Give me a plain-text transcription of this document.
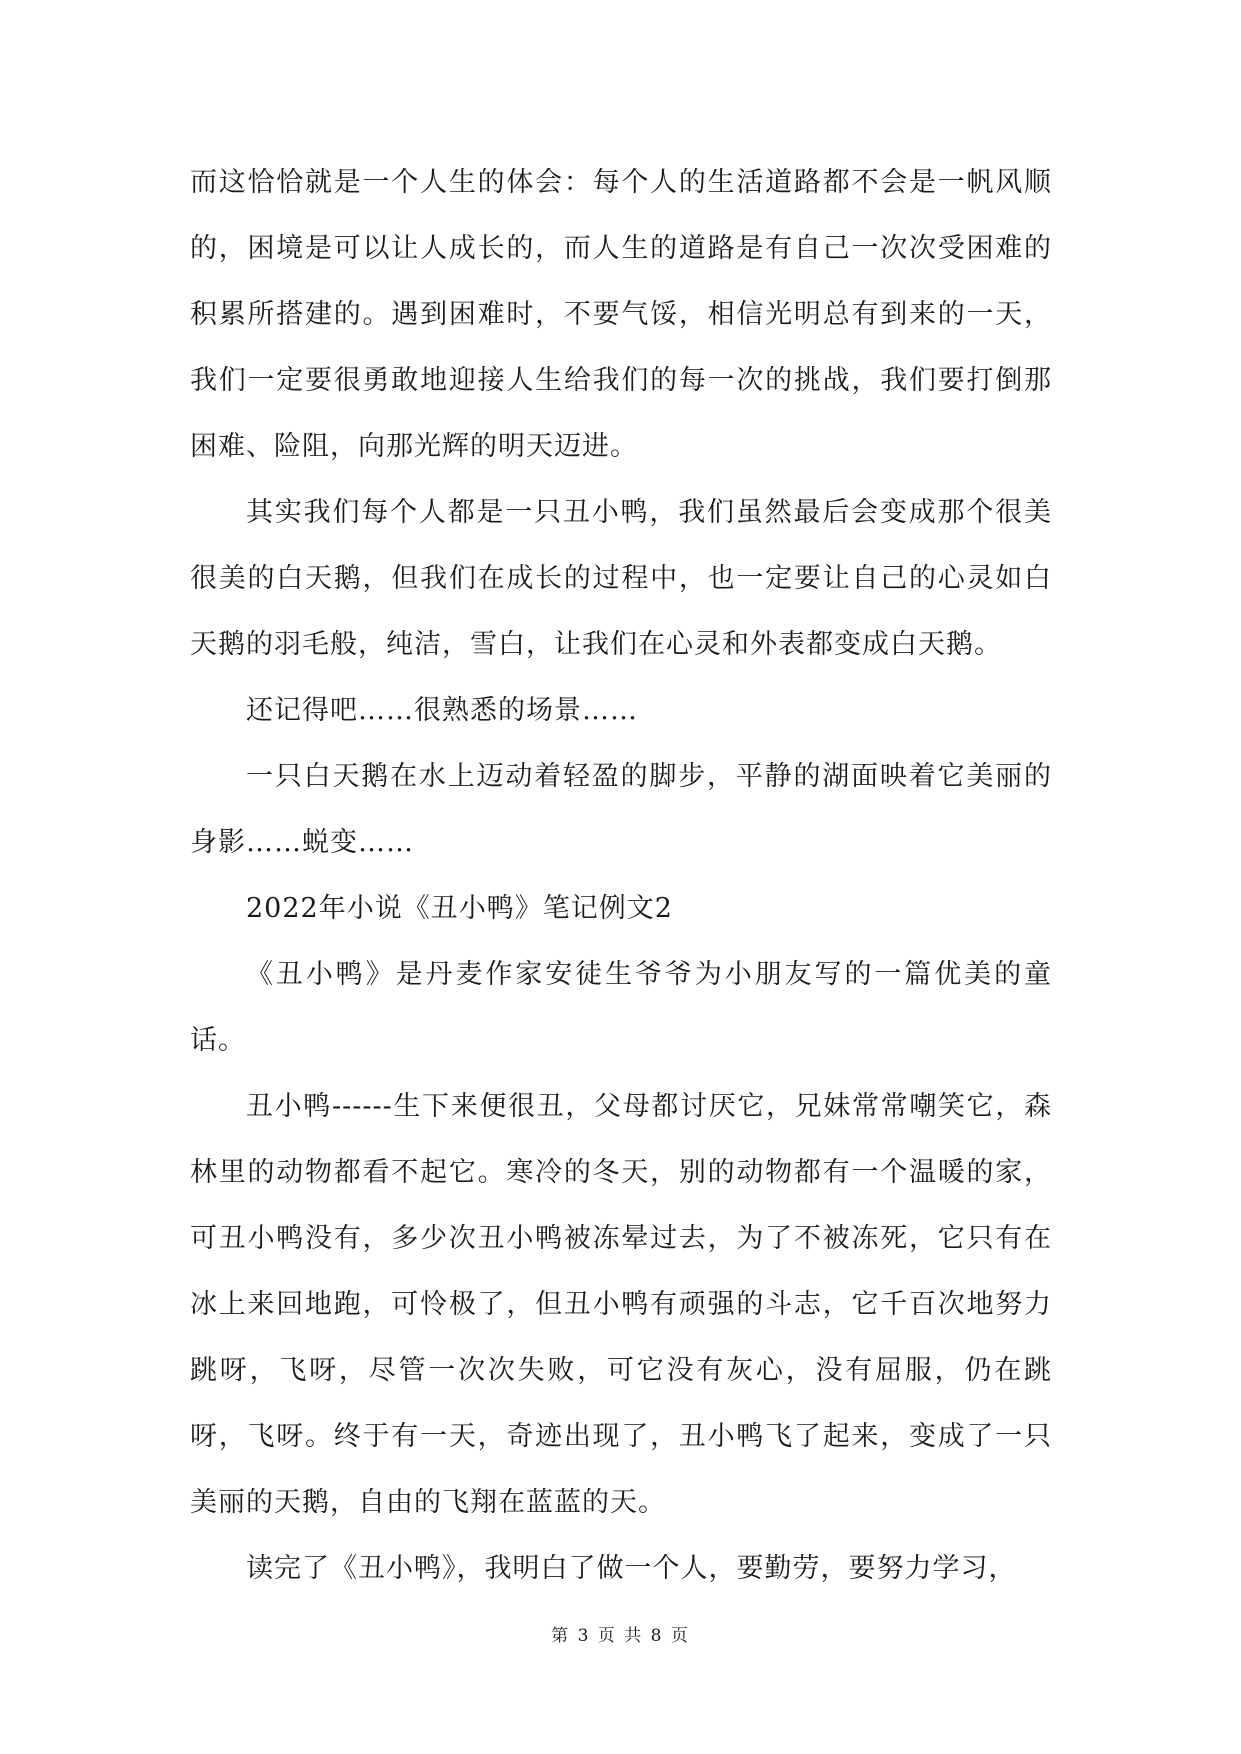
而这恰恰就是一个人生的体会：每个人的生活道路都不会是一帆风顺的，困境是可以让人成长的，而人生的道路是有自己一次次受困难的积累所搭建的。遇到困难时，不要气馁，相信光明总有到来的一天，我们一定要很勇敢地迎接人生给我们的每一次的挑战，我们要打倒那困难、险阻，向那光辉的明天迈进。

其实我们每个人都是一只丑小鸭，我们虽然最后会变成那个很美很美的白天鹅，但我们在成长的过程中，也一定要让自己的心灵如白天鹅的羽毛般，纯洁，雪白，让我们在心灵和外表都变成白天鹅。

还记得吧……很熟悉的场景……

一只白天鹅在水上迈动着轻盈的脚步，平静的湖面映着它美丽的身影……蜕变……

2022年小说《丑小鸭》笔记例文2

《丑小鸭》是丹麦作家安徒生爷爷为小朋友写的一篇优美的童话。

丑小鸭------生下来便很丑，父母都讨厌它，兄妹常常嘲笑它，森林里的动物都看不起它。寒冷的冬天，别的动物都有一个温暖的家，可丑小鸭没有，多少次丑小鸭被冻晕过去，为了不被冻死，它只有在冰上来回地跑，可怜极了，但丑小鸭有顽强的斗志，它千百次地努力跳呀，飞呀，尽管一次次失败，可它没有灰心，没有屈服，仍在跳呀，飞呀。终于有一天，奇迹出现了，丑小鸭飞了起来，变成了一只美丽的天鹅，自由的飞翔在蓝蓝的天。

读完了《丑小鸭》，我明白了做一个人，要勤劳，要努力学习，

第 3 页 共 8 页
